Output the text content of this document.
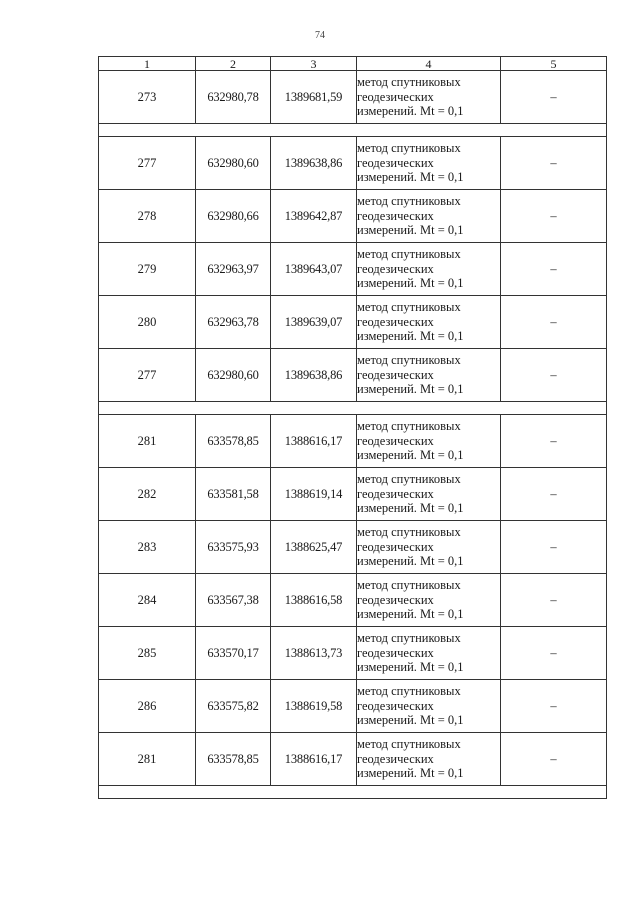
74
1	2	3	4	5
273	632980,78	1389681,59	метод спутниковых
геодезических
измерений. Mt = 0,1	–

277	632980,60	1389638,86	метод спутниковых
геодезических
измерений. Mt = 0,1	–
278	632980,66	1389642,87	метод спутниковых
геодезических
измерений. Mt = 0,1	–
279	632963,97	1389643,07	метод спутниковых
геодезических
измерений. Mt = 0,1	–
280	632963,78	1389639,07	метод спутниковых
геодезических
измерений. Mt = 0,1	–
277	632980,60	1389638,86	метод спутниковых
геодезических
измерений. Mt = 0,1	–

281	633578,85	1388616,17	метод спутниковых
геодезических
измерений. Mt = 0,1	–
282	633581,58	1388619,14	метод спутниковых
геодезических
измерений. Mt = 0,1	–
283	633575,93	1388625,47	метод спутниковых
геодезических
измерений. Mt = 0,1	–
284	633567,38	1388616,58	метод спутниковых
геодезических
измерений. Mt = 0,1	–
285	633570,17	1388613,73	метод спутниковых
геодезических
измерений. Mt = 0,1	–
286	633575,82	1388619,58	метод спутниковых
геодезических
измерений. Mt = 0,1	–
281	633578,85	1388616,17	метод спутниковых
геодезических
измерений. Mt = 0,1	–
